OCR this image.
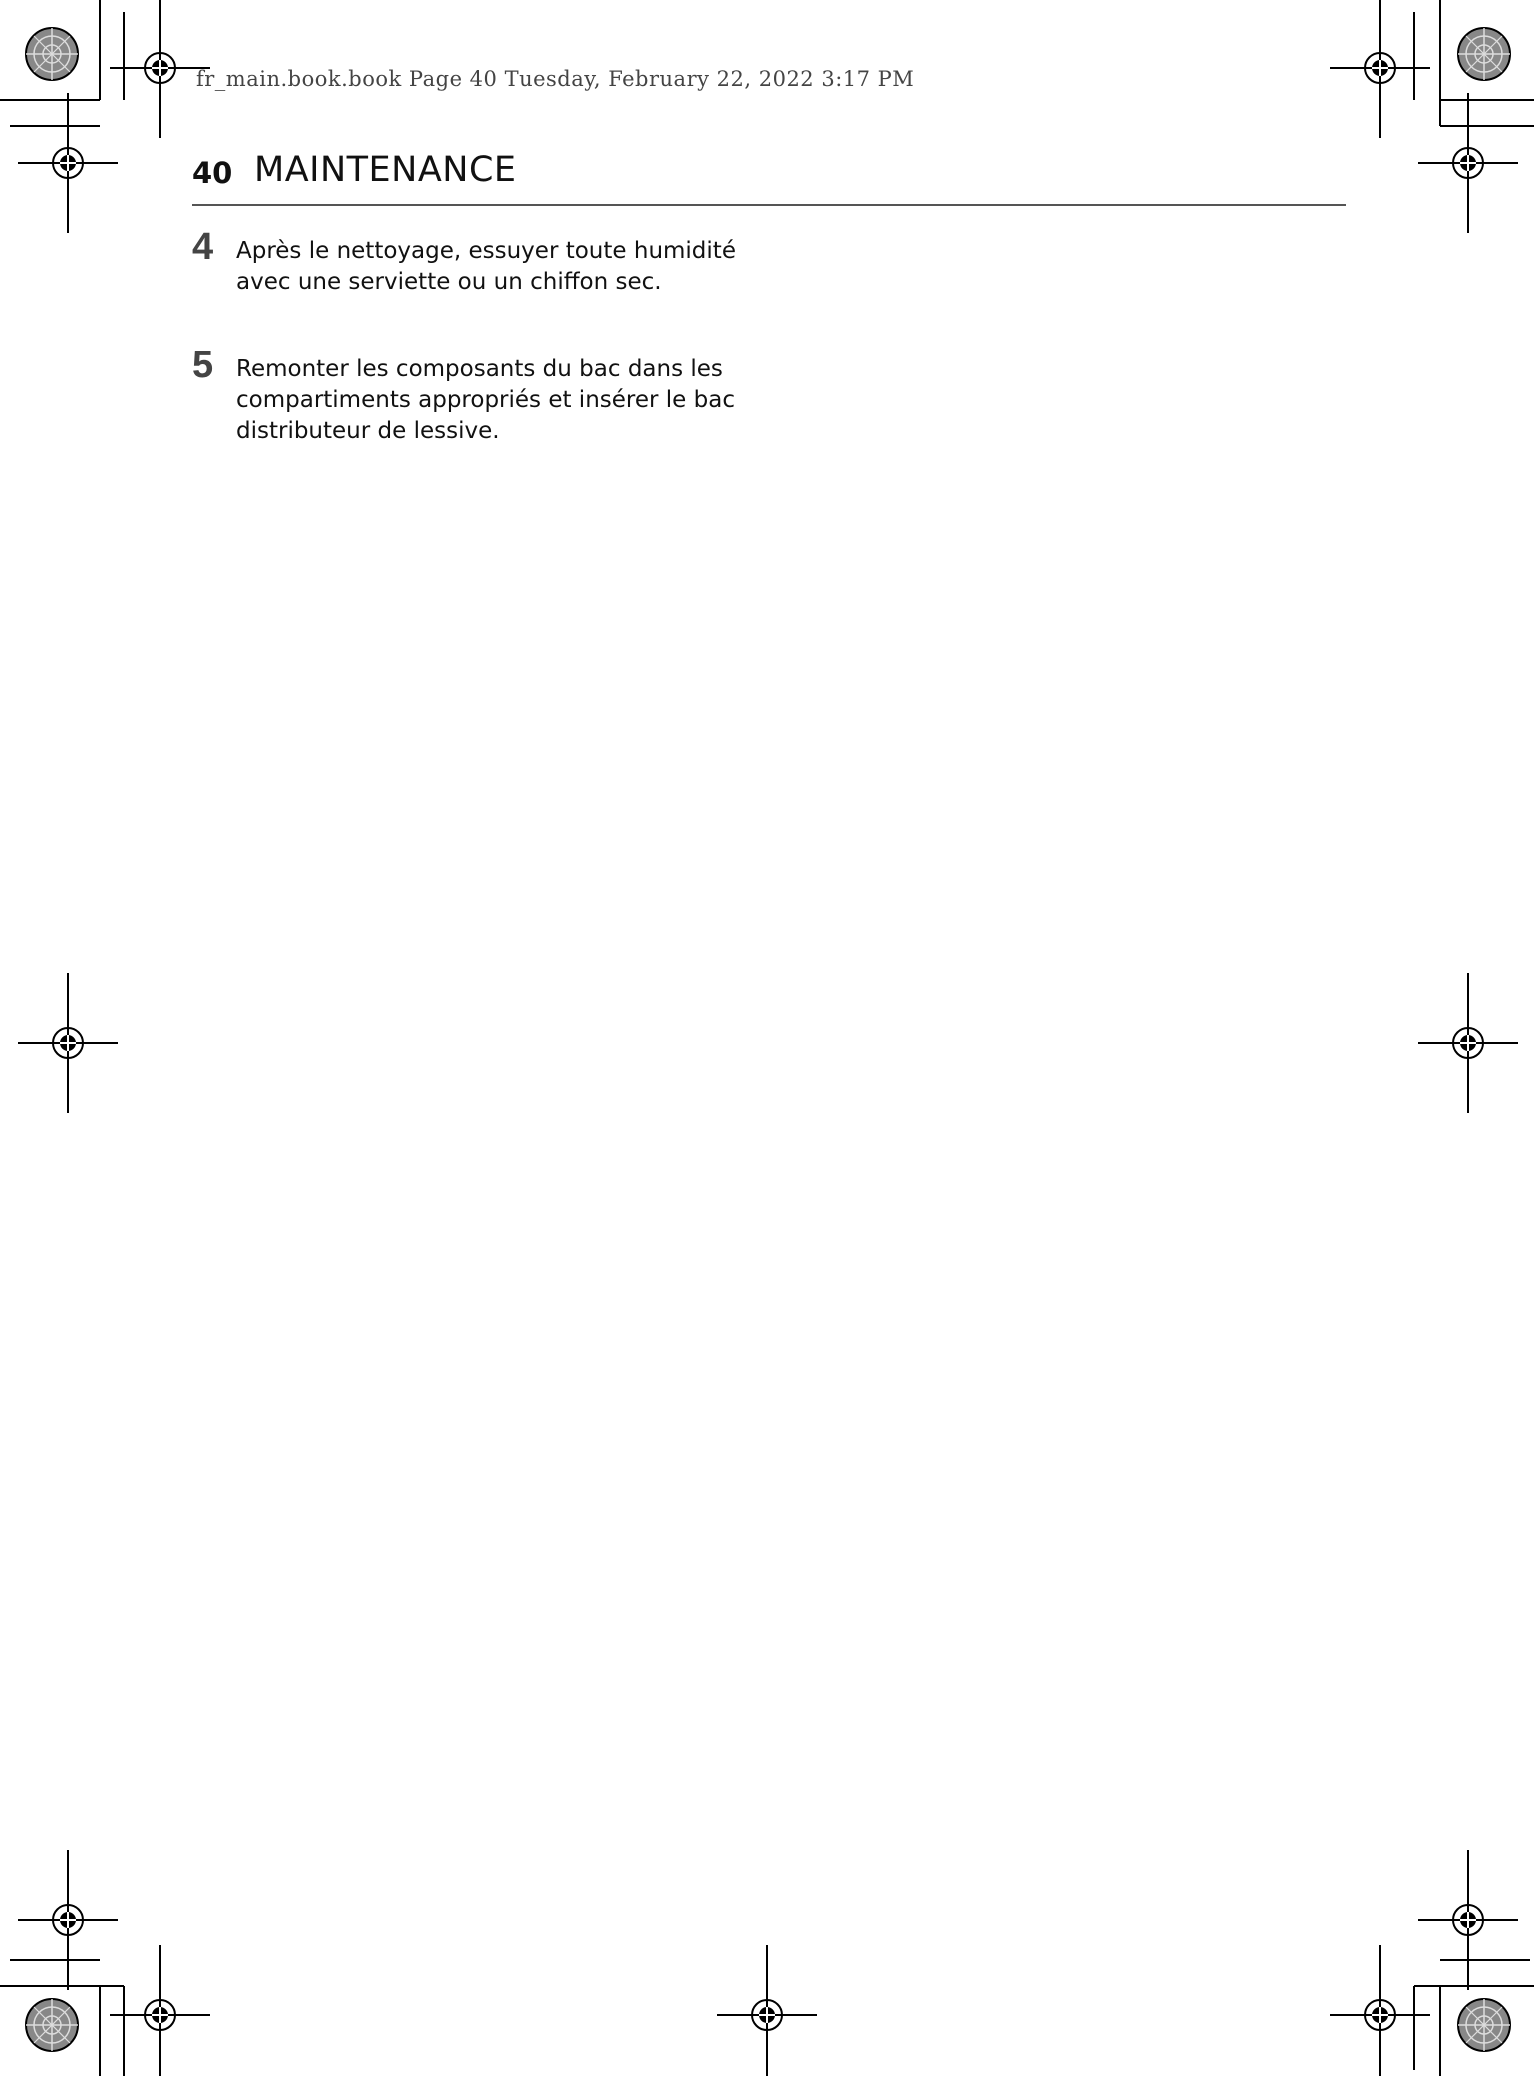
fr_main.book.book Page 40 Tuesday, February 22, 2022 3:17 PM
40 MAINTENANCE
4 Après le nettoyage, essuyer toute humidité avec une serviette ou un chiffon sec.
5 Remonter les composants du bac dans les compartiments appropriés et insérer le bac distributeur de lessive.
